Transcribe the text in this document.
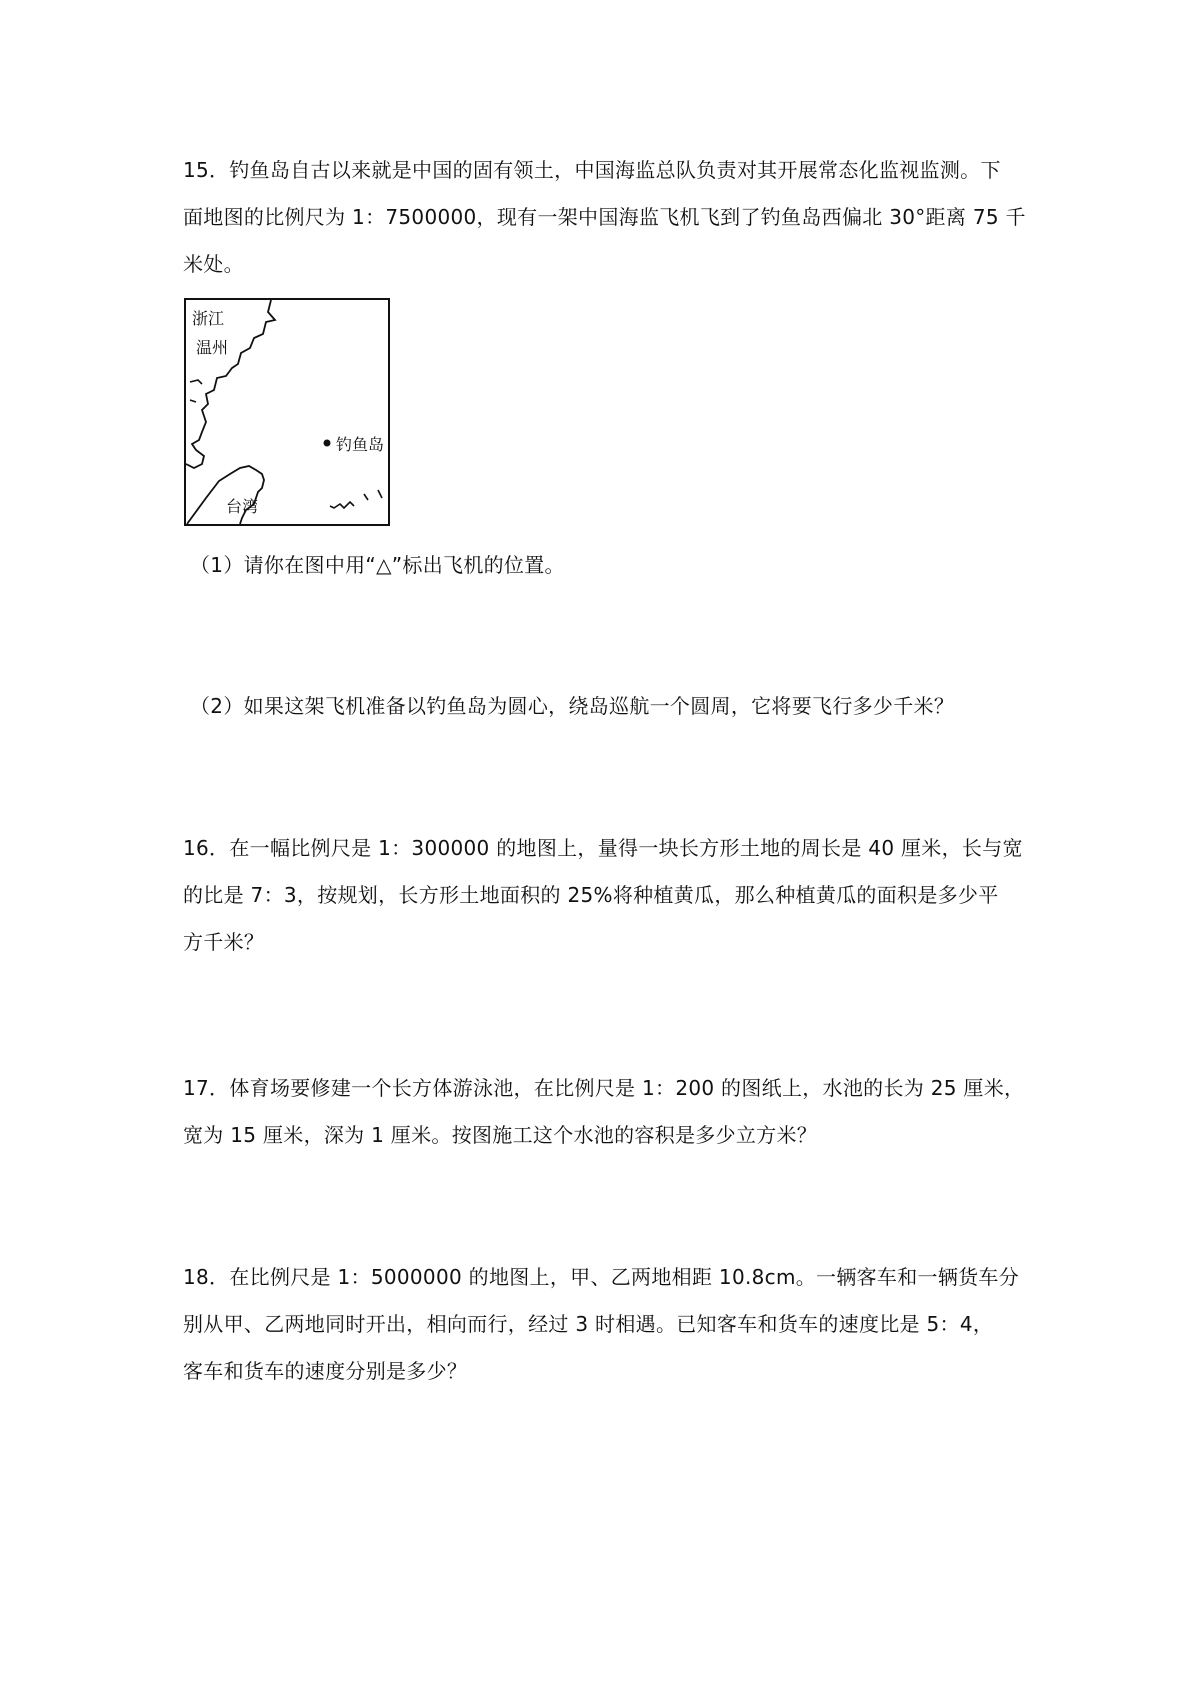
15．钓鱼岛自古以来就是中国的固有领土，中国海监总队负责对其开展常态化监视监测。下
面地图的比例尺为 1：7500000，现有一架中国海监飞机飞到了钓鱼岛西偏北 30°距离 75 千
米处。
浙江
温州
钓鱼岛
台湾
（1）请你在图中用“△”标出飞机的位置。
（2）如果这架飞机准备以钓鱼岛为圆心，绕岛巡航一个圆周，它将要飞行多少千米？
16．在一幅比例尺是 1：300000 的地图上，量得一块长方形土地的周长是 40 厘米，长与宽
的比是 7：3，按规划，长方形土地面积的 25%将种植黄瓜，那么种植黄瓜的面积是多少平
方千米？
17．体育场要修建一个长方体游泳池，在比例尺是 1：200 的图纸上，水池的长为 25 厘米，
宽为 15 厘米，深为 1 厘米。按图施工这个水池的容积是多少立方米？
18．在比例尺是 1：5000000 的地图上，甲、乙两地相距 10.8cm。一辆客车和一辆货车分
别从甲、乙两地同时开出，相向而行，经过 3 时相遇。已知客车和货车的速度比是 5：4，
客车和货车的速度分别是多少？
